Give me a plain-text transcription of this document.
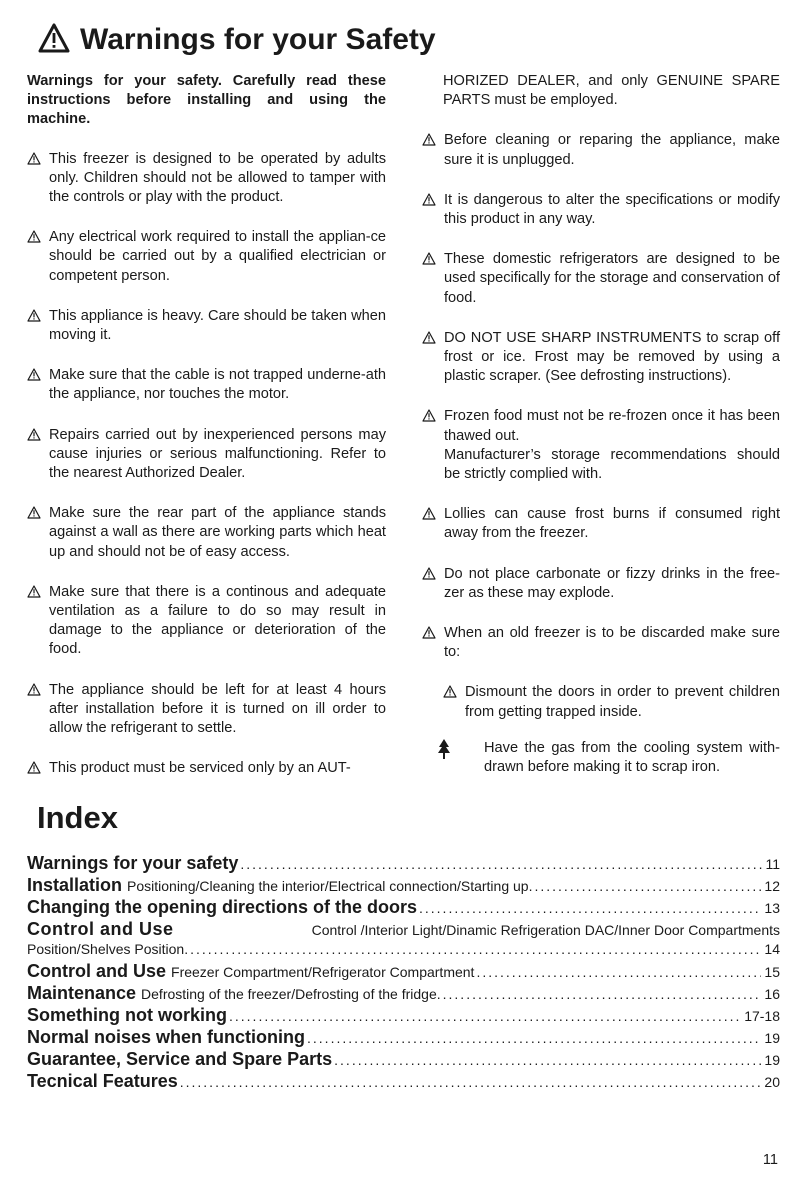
Warnings for your Safety

Warnings for your safety. Carefully read these instructions before installing and using the machine.

This freezer is designed to be operated by adults only. Children should not be allowed to tamper with the controls or play with the product.
Any electrical work required to install the applian-ce should be carried out by a qualified electrician or competent person.
This appliance is heavy. Care should be taken when moving it.
Make sure that the cable is not trapped underne-ath the appliance, nor touches the motor.
Repairs carried out by inexperienced persons may cause injuries or serious malfunctioning. Refer to the nearest Authorized Dealer.
Make sure the rear part of the appliance stands against a wall as there are working parts which heat up and should not be of easy access.
Make sure that there is a continous and adequate ventilation as a failure to do so may result in damage to the appliance or deterioration of the food.
The appliance should be left for at least 4 hours after installation before it is turned on ill order to allow the refrigerant to settle.
This product must be serviced only by an AUT-

HORIZED DEALER, and only GENUINE SPARE PARTS must be employed.

Before cleaning or reparing the appliance, make sure it is unplugged.
It is dangerous to alter the specifications or modify this product in any way.
These domestic refrigerators are designed to be used specifically for the storage and conservation of food.
DO NOT USE SHARP INSTRUMENTS to scrap off frost or ice. Frost may be removed by using a plastic scraper. (See defrosting instructions).
Frozen food must not be re-frozen once it has been thawed out.
Manufacturer’s storage recommendations should be strictly complied with.
Lollies can cause frost burns if consumed right away from the freezer.
Do not place carbonate or fizzy drinks in the free-zer as these may explode.
When an old freezer is to be discarded make sure to:
Dismount the doors in order to prevent children from getting trapped inside.
Have the gas from the cooling system with-drawn before making it to scrap iron.
Index
Warnings for your safety .....	11
Installation Positioning/Cleaning the interior/Electrical connection/Starting up. .....	12
Changing the opening directions of the doors .....	13
Control and Use	Control /Interior Light/Dinamic Refrigeration DAC/Inner Door Compartments
Position/Shelves Position. .....	14
Control and Use Freezer Compartment/Refrigerator Compartment .....	15
Maintenance Defrosting of the freezer/Defrosting of the fridge. .....	16
Something not working .....	17-18
Normal noises when functioning .....	19
Guarantee, Service and Spare Parts .....	19
Tecnical Features .....	20
11
